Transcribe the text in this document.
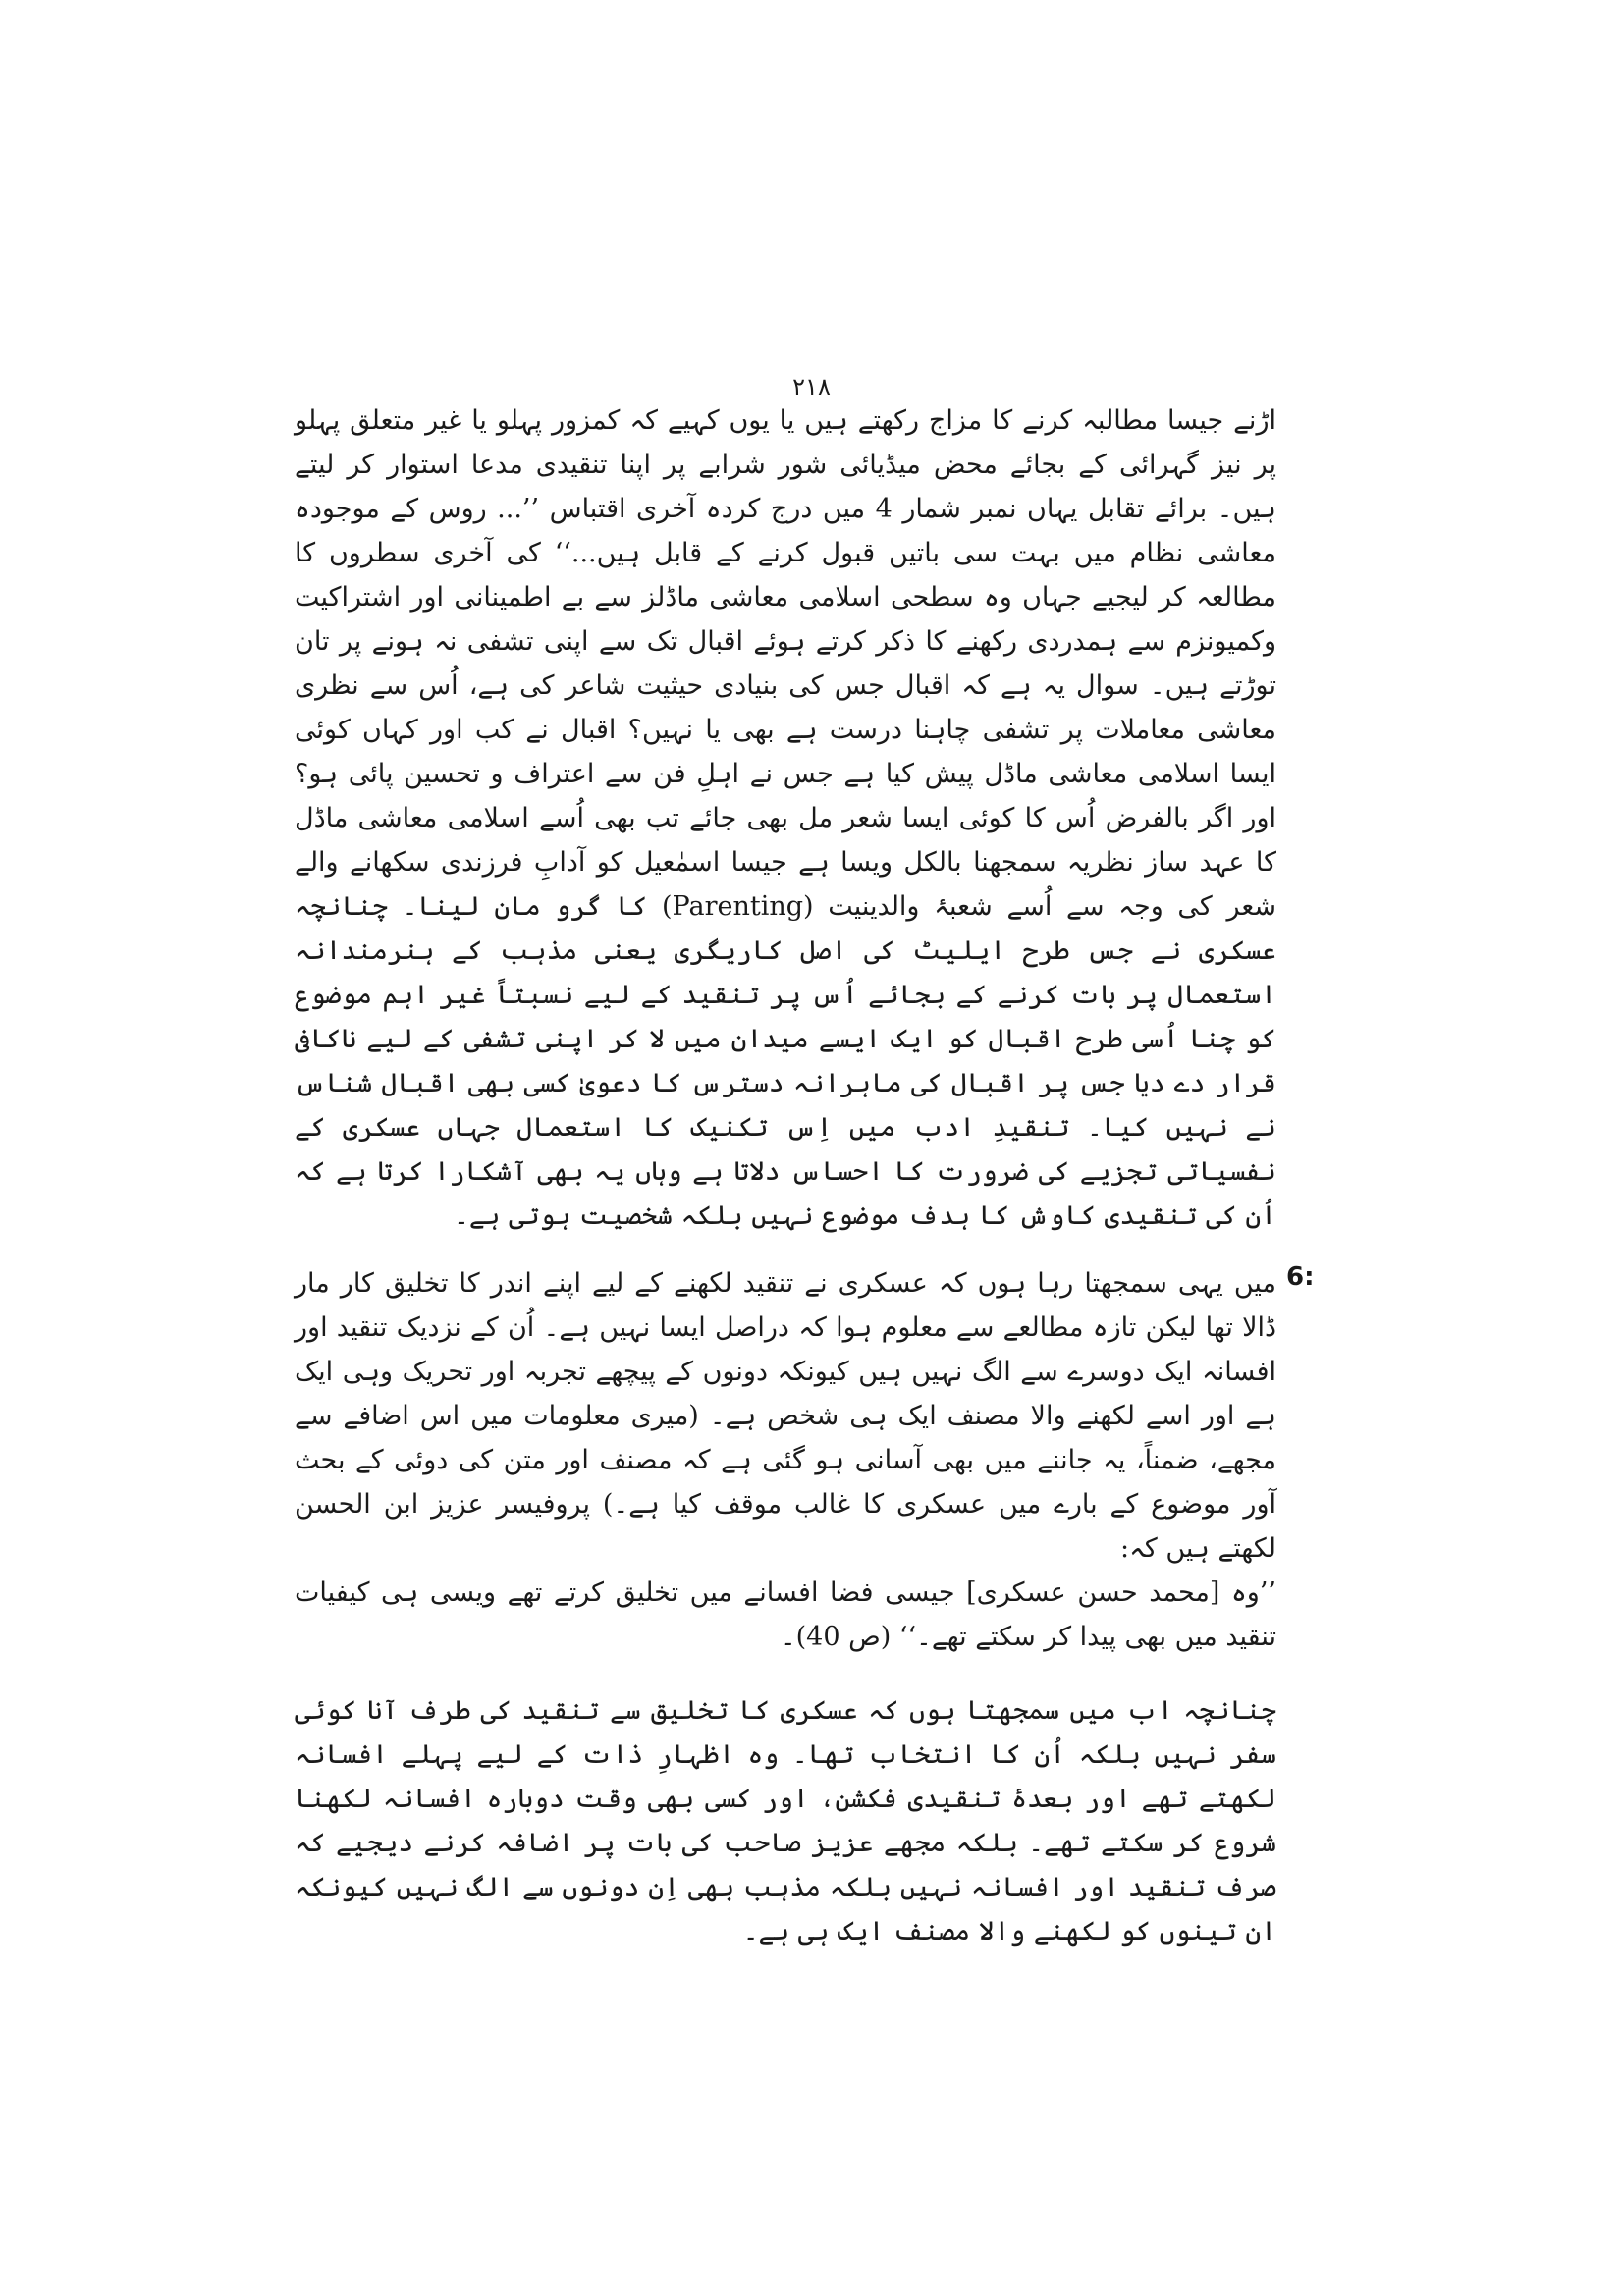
۲۱۸

اڑنے جیسا مطالبہ کرنے کا مزاج رکھتے ہیں یا یوں کہیے کہ کمزور پہلو یا غیر متعلق پہلو پر نیز گہرائی کے بجائے محض میڈیائی شور شرابے پر اپنا تنقیدی مدعا استوار کر لیتے ہیں۔ برائے تقابل یہاں نمبر شمار 4 میں درج کردہ آخری اقتباس ’’... روس کے موجودہ معاشی نظام میں بہت سی باتیں قبول کرنے کے قابل ہیں...‘‘ کی آخری سطروں کا مطالعہ کر لیجیے جہاں وہ سطحی اسلامی معاشی ماڈلز سے بے اطمینانی اور اشتراکیت وکمیونزم سے ہمدردی رکھنے کا ذکر کرتے ہوئے اقبال تک سے اپنی تشفی نہ ہونے پر تان توڑتے ہیں۔ سوال یہ ہے کہ اقبال جس کی بنیادی حیثیت شاعر کی ہے، اُس سے نظری معاشی معاملات پر تشفی چاہنا درست ہے بھی یا نہیں؟ اقبال نے کب اور کہاں کوئی ایسا اسلامی معاشی ماڈل پیش کیا ہے جس نے اہلِ فن سے اعتراف و تحسین پائی ہو؟ اور اگر بالفرض اُس کا کوئی ایسا شعر مل بھی جائے تب بھی اُسے اسلامی معاشی ماڈل کا عہد ساز نظریہ سمجھنا بالکل ویسا ہے جیسا اسمٰعیل کو آدابِ فرزندی سکھانے والے شعر کی وجہ سے اُسے شعبۂ والدینیت (Parenting) کا گرو مان لینا۔ چنانچہ عسکری نے جس طرح ایلیٹ کی اصل کاریگری یعنی مذہب کے ہنرمندانہ استعمال پر بات کرنے کے بجائے اُس پر تنقید کے لیے نسبتاً غیر اہم موضوع کو چنا اُسی طرح اقبال کو ایک ایسے میدان میں لا کر اپنی تشفی کے لیے ناکافی قرار دے دیا جس پر اقبال کی ماہرانہ دسترس کا دعویٰ کسی بھی اقبال شناس نے نہیں کیا۔ تنقیدِ ادب میں اِس تکنیک کا استعمال جہاں عسکری کے نفسیاتی تجزیے کی ضرورت کا احساس دلاتا ہے وہاں یہ بھی آشکارا کرتا ہے کہ اُن کی تنقیدی کاوش کا ہدف موضوع نہیں بلکہ شخصیت ہوتی ہے۔

6:

میں یہی سمجھتا رہا ہوں کہ عسکری نے تنقید لکھنے کے لیے اپنے اندر کا تخلیق کار مار ڈالا تھا لیکن تازہ مطالعے سے معلوم ہوا کہ دراصل ایسا نہیں ہے۔ اُن کے نزدیک تنقید اور افسانہ ایک دوسرے سے الگ نہیں ہیں کیونکہ دونوں کے پیچھے تجربہ اور تحریک وہی ایک ہے اور اسے لکھنے والا مصنف ایک ہی شخص ہے۔ (میری معلومات میں اس اضافے سے مجھے، ضمناً، یہ جاننے میں بھی آسانی ہو گئی ہے کہ مصنف اور متن کی دوئی کے بحث آور موضوع کے بارے میں عسکری کا غالب موقف کیا ہے۔) پروفیسر عزیز ابن الحسن لکھتے ہیں کہ:

’’وہ [محمد حسن عسکری] جیسی فضا افسانے میں تخلیق کرتے تھے ویسی ہی کیفیات تنقید میں بھی پیدا کر سکتے تھے۔‘‘ (ص 40)۔

چنانچہ اب میں سمجھتا ہوں کہ عسکری کا تخلیق سے تنقید کی طرف آنا کوئی سفر نہیں بلکہ اُن کا انتخاب تھا۔ وہ اظہارِ ذات کے لیے پہلے افسانہ لکھتے تھے اور بعدۂ تنقیدی فکشن، اور کسی بھی وقت دوبارہ افسانہ لکھنا شروع کر سکتے تھے۔ بلکہ مجھے عزیز صاحب کی بات پر اضافہ کرنے دیجیے کہ صرف تنقید اور افسانہ نہیں بلکہ مذہب بھی اِن دونوں سے الگ نہیں کیونکہ ان تینوں کو لکھنے والا مصنف ایک ہی ہے۔
